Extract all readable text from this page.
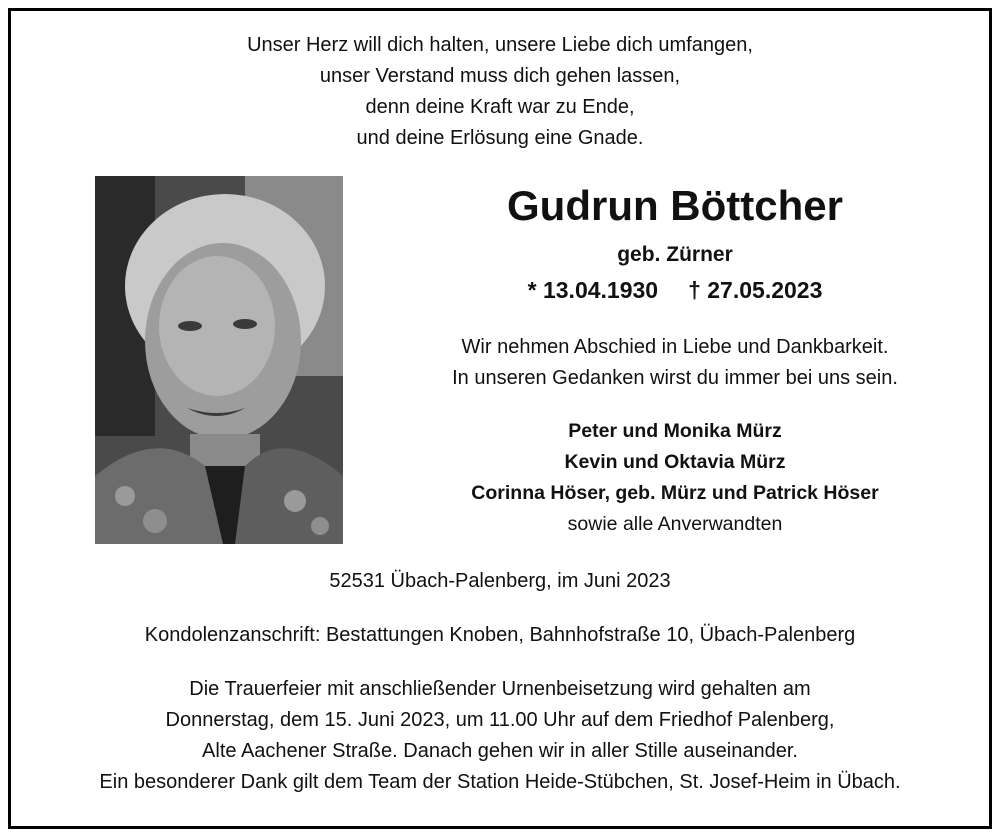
Unser Herz will dich halten, unsere Liebe dich umfangen,
unser Verstand muss dich gehen lassen,
denn deine Kraft war zu Ende,
und deine Erlösung eine Gnade.
Gudrun Böttcher
geb. Zürner
* 13.04.1930 † 27.05.2023
Wir nehmen Abschied in Liebe und Dankbarkeit.
In unseren Gedanken wirst du immer bei uns sein.
Peter und Monika Mürz
Kevin und Oktavia Mürz
Corinna Höser, geb. Mürz und Patrick Höser
sowie alle Anverwandten
52531 Übach-Palenberg, im Juni 2023
Kondolenzanschrift: Bestattungen Knoben, Bahnhofstraße 10, Übach-Palenberg
Die Trauerfeier mit anschließender Urnenbeisetzung wird gehalten am
Donnerstag, dem 15. Juni 2023, um 11.00 Uhr auf dem Friedhof Palenberg,
Alte Aachener Straße. Danach gehen wir in aller Stille auseinander.
Ein besonderer Dank gilt dem Team der Station Heide-Stübchen, St. Josef-Heim in Übach.
